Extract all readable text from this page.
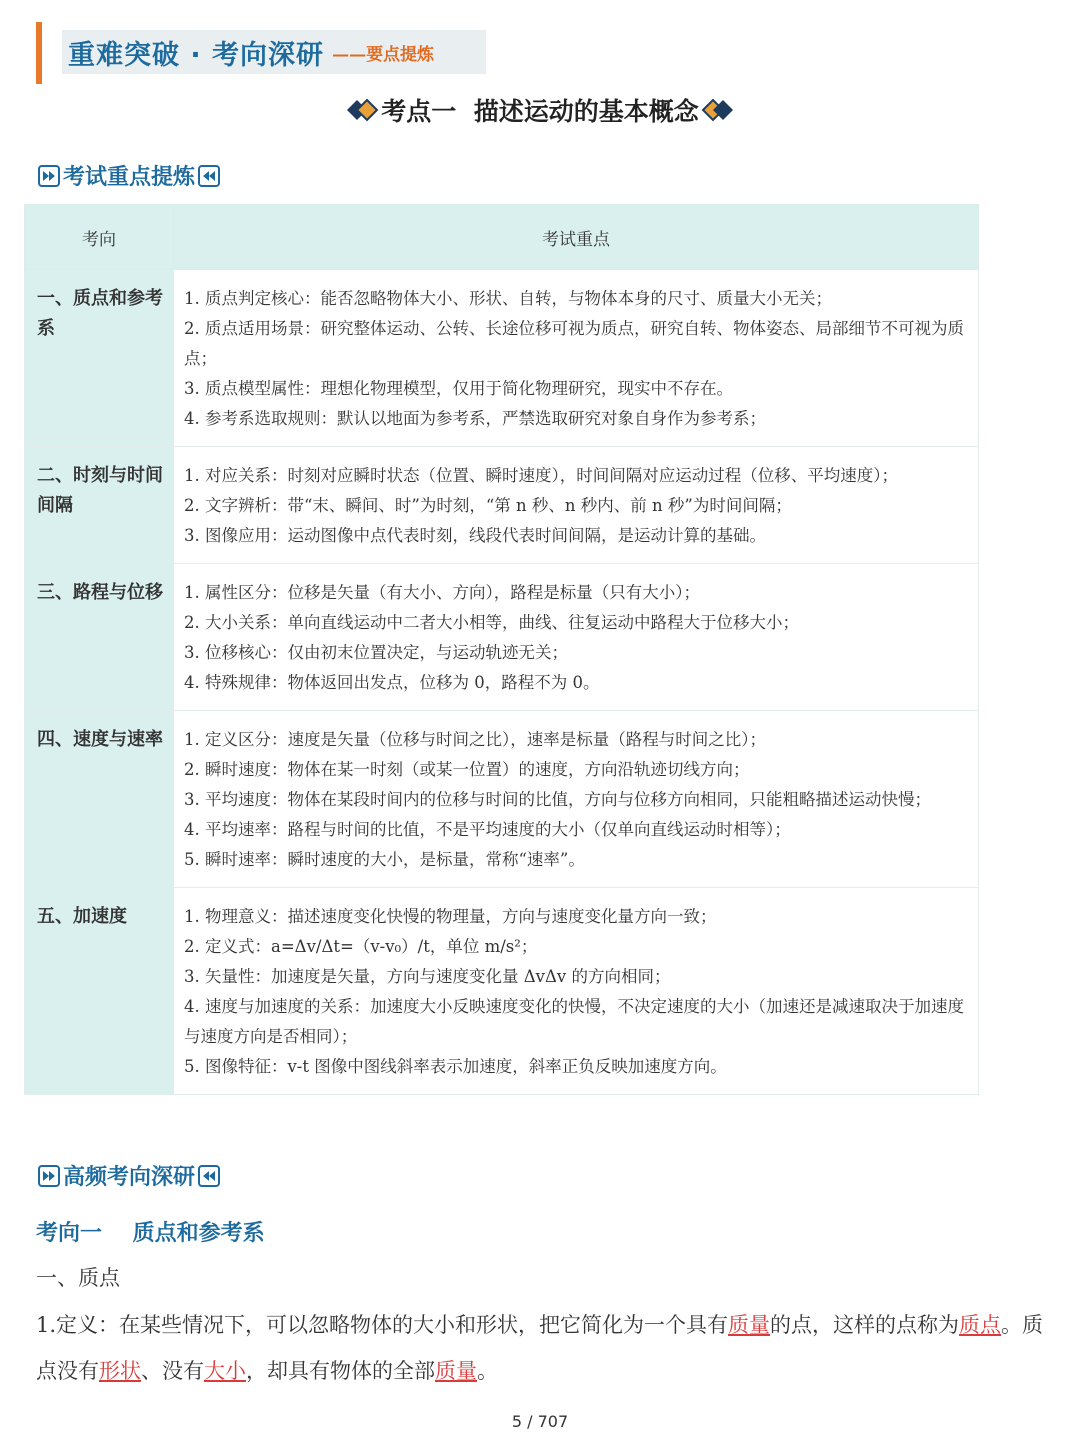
重难突破 · 考向深研 ——要点提炼
考点一  描述运动的基本概念
考试重点提炼
考向	考试重点
一、质点和参考系	1. 质点判定核心：能否忽略物体大小、形状、自转，与物体本身的尺寸、质量大小无关；
2. 质点适用场景：研究整体运动、公转、长途位移可视为质点，研究自转、物体姿态、局部细节不可视为质点；
3. 质点模型属性：理想化物理模型，仅用于简化物理研究，现实中不存在。
4. 参考系选取规则：默认以地面为参考系，严禁选取研究对象自身作为参考系；

二、时刻与时间间隔	1. 对应关系：时刻对应瞬时状态（位置、瞬时速度），时间间隔对应运动过程（位移、平均速度）；
2. 文字辨析：带“末、瞬间、时”为时刻，“第 n 秒、n 秒内、前 n 秒”为时间间隔；
3. 图像应用：运动图像中点代表时刻，线段代表时间间隔，是运动计算的基础。

三、路程与位移	1. 属性区分：位移是矢量（有大小、方向），路程是标量（只有大小）；
2. 大小关系：单向直线运动中二者大小相等，曲线、往复运动中路程大于位移大小；
3. 位移核心：仅由初末位置决定，与运动轨迹无关；
4. 特殊规律：物体返回出发点，位移为 0，路程不为 0。

四、速度与速率	1. 定义区分：速度是矢量（位移与时间之比），速率是标量（路程与时间之比）；
2. 瞬时速度：物体在某一时刻（或某一位置）的速度，方向沿轨迹切线方向；
3. 平均速度：物体在某段时间内的位移与时间的比值，方向与位移方向相同，只能粗略描述运动快慢；
4. 平均速率：路程与时间的比值，不是平均速度的大小（仅单向直线运动时相等）；
5. 瞬时速率：瞬时速度的大小，是标量，常称“速率”。

五、加速度	1. 物理意义：描述速度变化快慢的物理量，方向与速度变化量方向一致；
2. 定义式：a=Δv/Δt=（v-v₀）/t，单位 m/s²；
3. 矢量性：加速度是矢量，方向与速度变化量 ΔvΔv 的方向相同；
4. 速度与加速度的关系：加速度大小反映速度变化的快慢，不决定速度的大小（加速还是减速取决于加速度与速度方向是否相同）；
5. 图像特征：v-t 图像中图线斜率表示加速度，斜率正负反映加速度方向。
高频考向深研
考向一    质点和参考系
一、质点
1.定义：在某些情况下，可以忽略物体的大小和形状，把它简化为一个具有质量的点，这样的点称为质点。质点没有形状、没有大小，却具有物体的全部质量。
5 / 707
